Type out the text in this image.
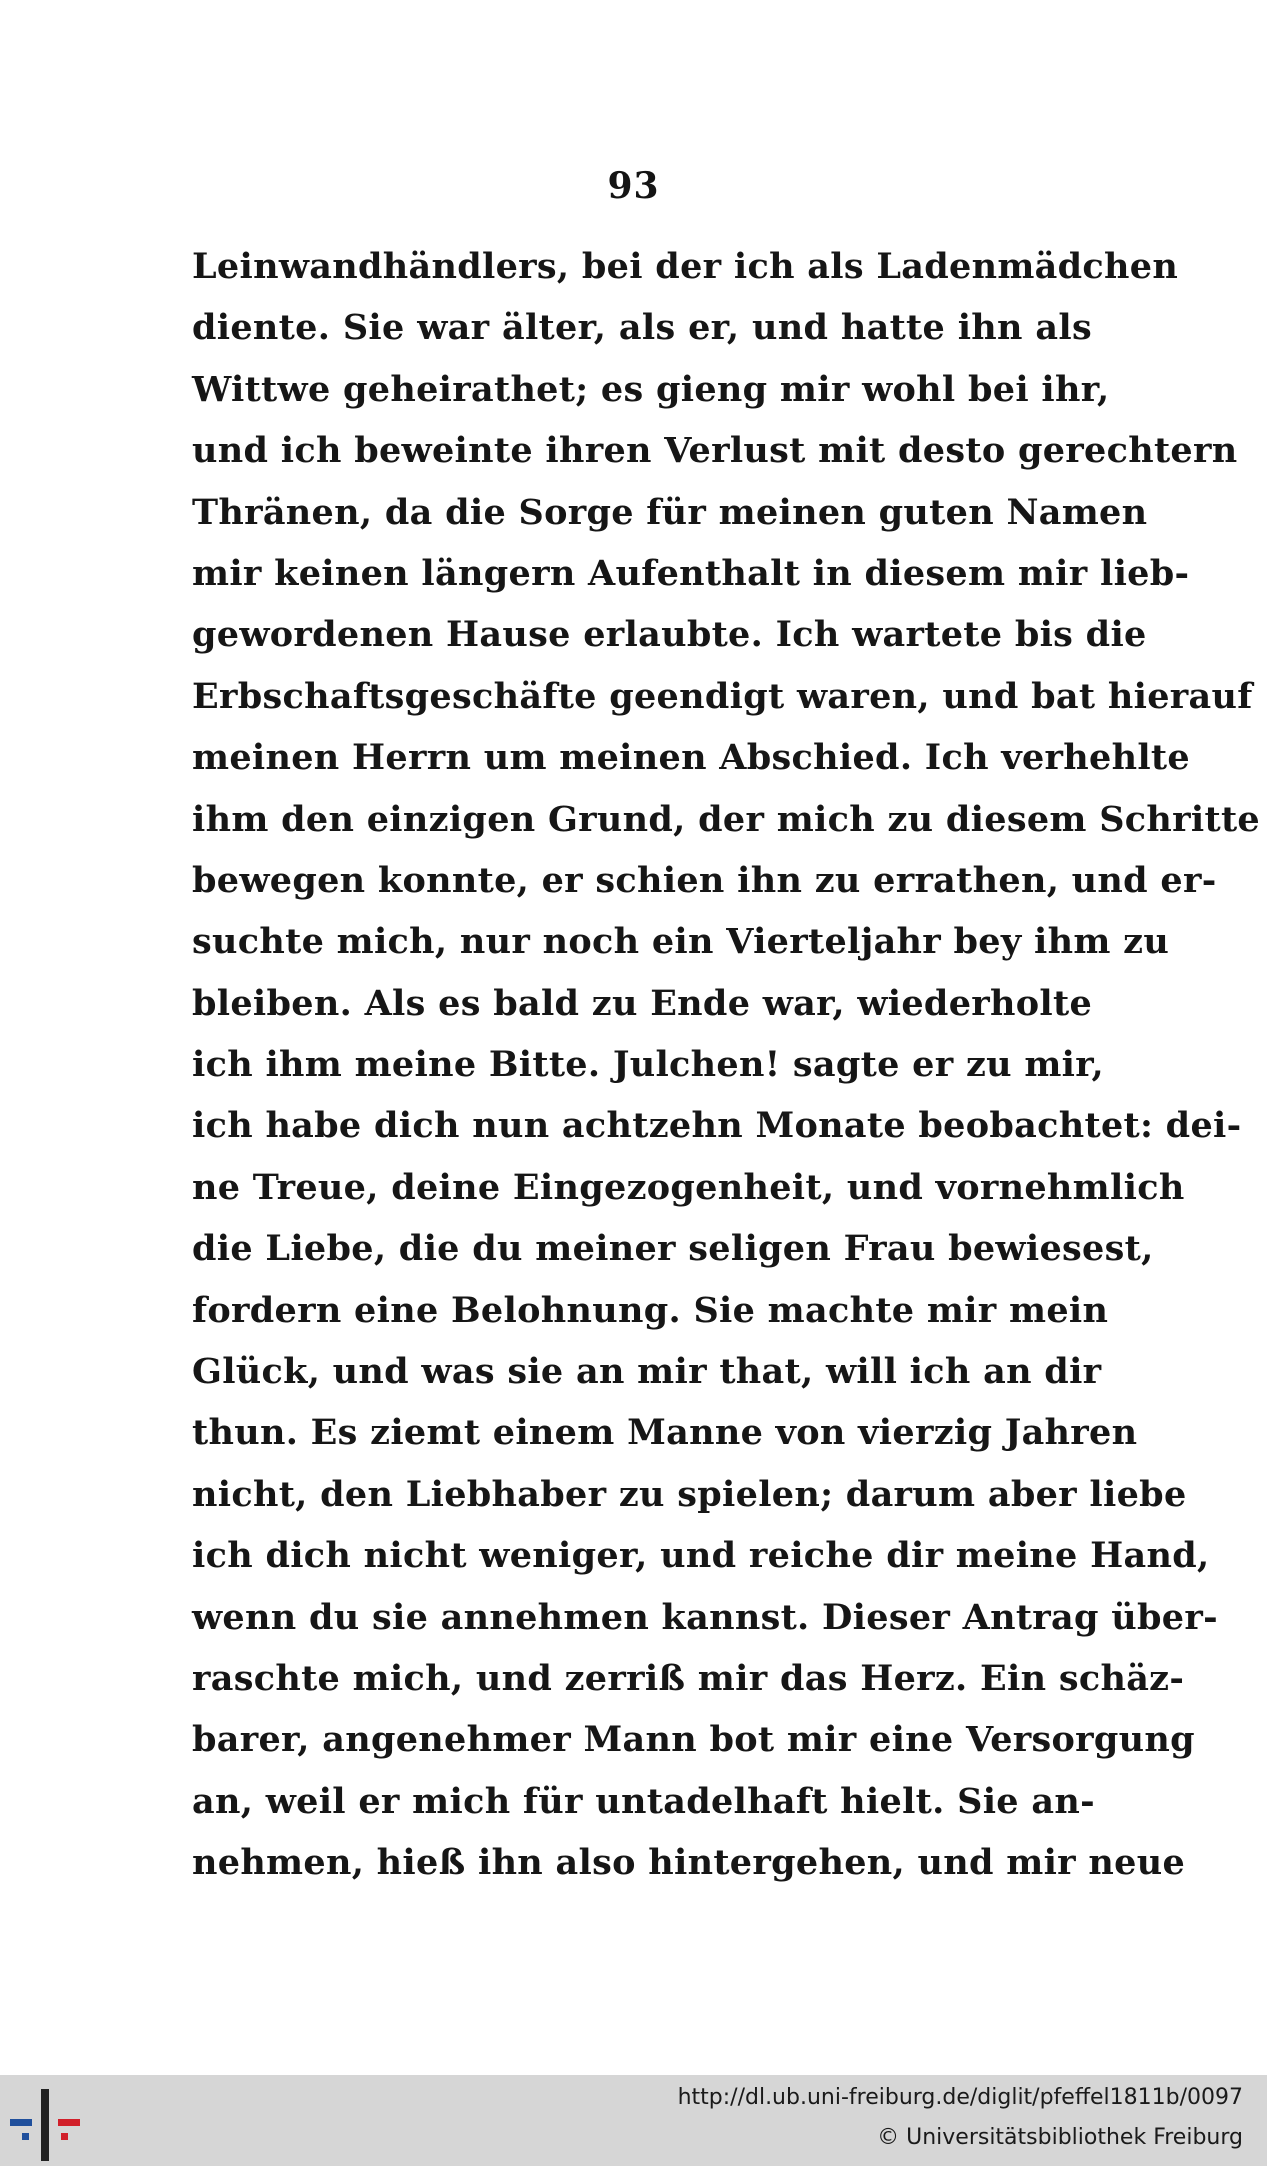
93
Leinwandhändlers, bei der ich als Ladenmädchen
diente. Sie war älter, als er, und hatte ihn als
Wittwe geheirathet; es gieng mir wohl bei ihr,
und ich beweinte ihren Verlust mit desto gerechtern
Thränen, da die Sorge für meinen guten Namen
mir keinen längern Aufenthalt in diesem mir lieb-
gewordenen Hause erlaubte. Ich wartete bis die
Erbschaftsgeschäfte geendigt waren, und bat hierauf
meinen Herrn um meinen Abschied. Ich verhehlte
ihm den einzigen Grund, der mich zu diesem Schritte
bewegen konnte, er schien ihn zu errathen, und er-
suchte mich, nur noch ein Vierteljahr bey ihm zu
bleiben. Als es bald zu Ende war, wiederholte
ich ihm meine Bitte. Julchen! sagte er zu mir,
ich habe dich nun achtzehn Monate beobachtet: dei-
ne Treue, deine Eingezogenheit, und vornehmlich
die Liebe, die du meiner seligen Frau bewiesest,
fordern eine Belohnung. Sie machte mir mein
Glück, und was sie an mir that, will ich an dir
thun. Es ziemt einem Manne von vierzig Jahren
nicht, den Liebhaber zu spielen; darum aber liebe
ich dich nicht weniger, und reiche dir meine Hand,
wenn du sie annehmen kannst. Dieser Antrag über-
raschte mich, und zerriß mir das Herz. Ein schäz-
barer, angenehmer Mann bot mir eine Versorgung
an, weil er mich für untadelhaft hielt. Sie an-
nehmen, hieß ihn also hintergehen, und mir neue
http://dl.ub.uni-freiburg.de/diglit/pfeffel1811b/0097
© Universitätsbibliothek Freiburg
